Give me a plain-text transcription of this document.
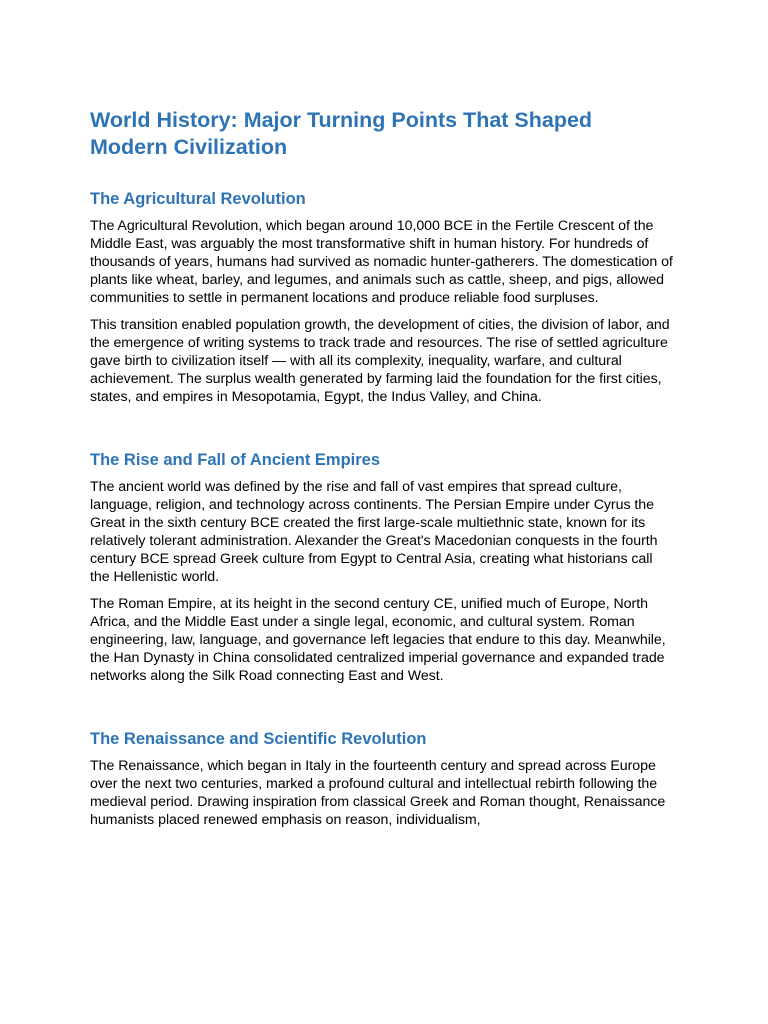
World History: Major Turning Points That Shaped Modern Civilization
The Agricultural Revolution

The Agricultural Revolution, which began around 10,000 BCE in the Fertile Crescent of the Middle East, was arguably the most transformative shift in human history. For hundreds of thousands of years, humans had survived as nomadic hunter-gatherers. The domestication of plants like wheat, barley, and legumes, and animals such as cattle, sheep, and pigs, allowed communities to settle in permanent locations and produce reliable food surpluses.

This transition enabled population growth, the development of cities, the division of labor, and the emergence of writing systems to track trade and resources. The rise of settled agriculture gave birth to civilization itself — with all its complexity, inequality, warfare, and cultural achievement. The surplus wealth generated by farming laid the foundation for the first cities, states, and empires in Mesopotamia, Egypt, the Indus Valley, and China.

The Rise and Fall of Ancient Empires

The ancient world was defined by the rise and fall of vast empires that spread culture, language, religion, and technology across continents. The Persian Empire under Cyrus the Great in the sixth century BCE created the first large-scale multiethnic state, known for its relatively tolerant administration. Alexander the Great's Macedonian conquests in the fourth century BCE spread Greek culture from Egypt to Central Asia, creating what historians call the Hellenistic world.

The Roman Empire, at its height in the second century CE, unified much of Europe, North Africa, and the Middle East under a single legal, economic, and cultural system. Roman engineering, law, language, and governance left legacies that endure to this day. Meanwhile, the Han Dynasty in China consolidated centralized imperial governance and expanded trade networks along the Silk Road connecting East and West.

The Renaissance and Scientific Revolution

The Renaissance, which began in Italy in the fourteenth century and spread across Europe over the next two centuries, marked a profound cultural and intellectual rebirth following the medieval period. Drawing inspiration from classical Greek and Roman thought, Renaissance humanists placed renewed emphasis on reason, individualism,
